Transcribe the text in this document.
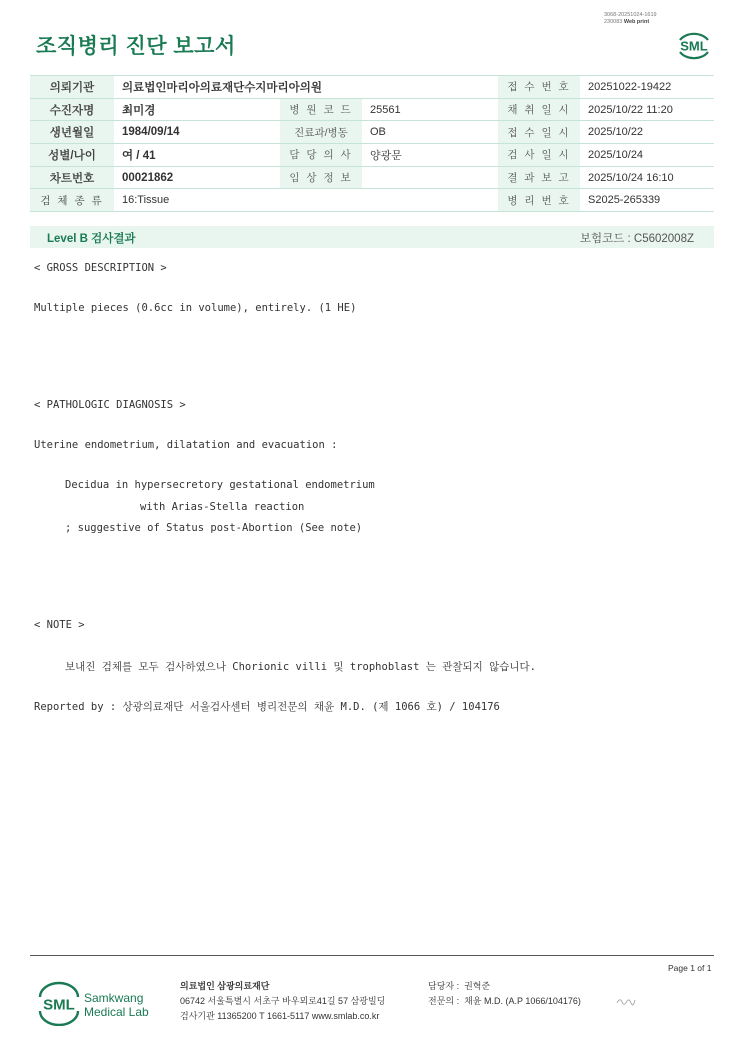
조직병리 진단 보고서
3068-20251024-1619
230083 Web print
SML
의뢰기관	의료법인마리아의료재단수지마리아의원			접 수 번 호	20251022-19422
수진자명	최미경	병 원 코 드	25561	채 취 일 시	2025/10/22 11:20
생년월일	1984/09/14	진료과/병동	OB	접 수 일 시	2025/10/22
성별/나이	여 / 41	담 당 의 사	양광문	검 사 일 시	2025/10/24
차트번호	00021862	임 상 정 보		결 과 보 고	2025/10/24 16:10
검 체 종 류	16:Tissue			병 리 번 호	S2025-265339
Level B 검사결과	보험코드 : C5602008Z
< GROSS DESCRIPTION >
Multiple pieces (0.6cc in volume), entirely. (1 HE)
< PATHOLOGIC DIAGNOSIS >
Uterine endometrium, dilatation and evacuation :
Decidua in hypersecretory gestational endometrium
with Arias-Stella reaction
; suggestive of Status post-Abortion (See note)
< NOTE >
보내진 검체를 모두 검사하였으나 Chorionic villi 및 trophoblast 는 관찰되지 않습니다.
Reported by : 상광의료재단 서울검사센터 병리전문의 채윤 M.D. (제 1066 호) / 104176
Page 1 of 1
SML Samkwang
Medical Lab
의료법인 삼광의료재단
06742 서울특별시 서초구 바우뫼로41길 57 삼광빌딩
검사기관 11365200 T 1661-5117 www.smlab.co.kr
담당자 : 권혁준
전문의 : 채윤 M.D. (A.P 1066/104176)
